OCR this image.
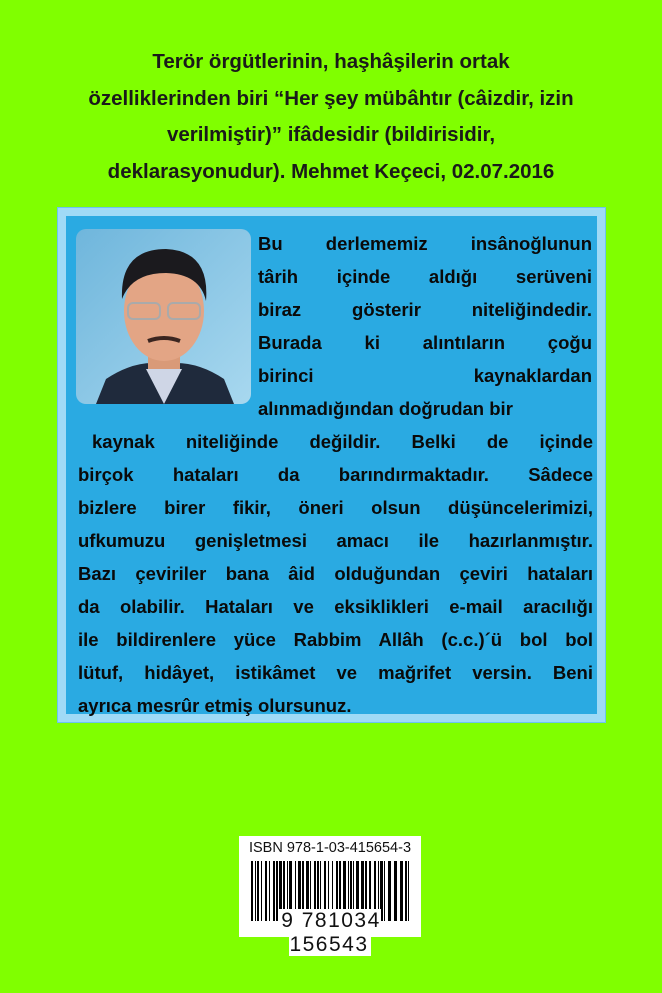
Terör örgütlerinin, haşhâşilerin ortak
özelliklerinden biri “Her şey mübâhtır (câizdir, izin
verilmiştir)” ifâdesidir (bildirisidir,
deklarasyonudur). Mehmet Keçeci, 02.07.2016
Bu derlememiz insânoğlunun
târih içinde aldığı serüveni
biraz gösterir niteliğindedir.
Burada ki alıntıların çoğu
birinci kaynaklardan
alınmadığından doğrudan bir
kaynak niteliğinde değildir. Belki de içinde
birçok hataları da barındırmaktadır. Sâdece
bizlere birer fikir, öneri olsun düşüncelerimizi,
ufkumuzu genişletmesi amacı ile hazırlanmıştır.
Bazı çeviriler bana âid olduğundan çeviri hataları
da olabilir. Hataları ve eksiklikleri e-mail aracılığı
ile bildirenlere yüce Rabbim Allâh (c.c.)´ü bol bol
lütuf, hidâyet, istikâmet ve mağrifet versin. Beni
ayrıca mesrûr etmiş olursunuz.
ISBN 978-1-03-415654-3
9 781034 156543
